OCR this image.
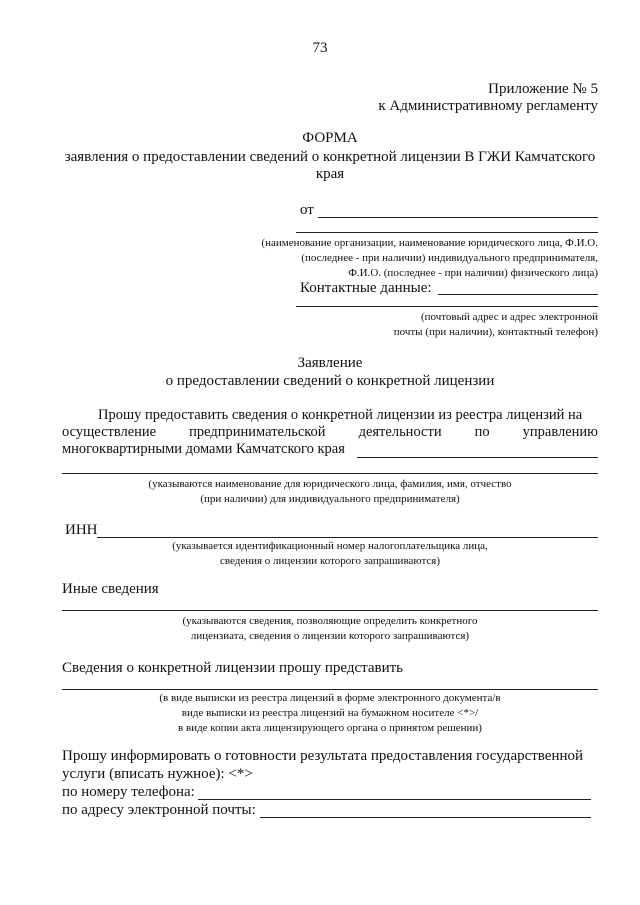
73
Приложение № 5
к Административному регламенту
ФОРМА
заявления о предоставлении сведений о конкретной лицензии В ГЖИ Камчатского
края
от
(наименование организации, наименование юридического лица, Ф.И.О.
(последнее - при наличии) индивидуального предпринимателя,
Ф.И.О. (последнее - при наличии) физического лица)
Контактные данные:
(почтовый адрес и адрес электронной
почты (при наличии), контактный телефон)
Заявление
о предоставлении сведений о конкретной лицензии
Прошу предоставить сведения о конкретной лицензии из реестра лицензий на
осуществление предпринимательской деятельности по управлению
многоквартирными домами Камчатского края
(указываются наименование для юридического лица, фамилия, имя, отчество
(при наличии) для индивидуального предпринимателя)
ИНН
(указывается идентификационный номер налогоплательщика лица,
сведения о лицензии которого запрашиваются)
Иные сведения
(указываются сведения, позволяющие определить конкретного
лицензиата, сведения о лицензии которого запрашиваются)
Сведения о конкретной лицензии прошу представить
(в виде выписки из реестра лицензий в форме электронного документа/в
виде выписки из реестра лицензий на бумажном носителе <*>/
в виде копии акта лицензирующего органа о принятом решении)
Прошу информировать о готовности результата предоставления государственной
услуги (вписать нужное): <*>
по номеру телефона:
по адресу электронной почты:
